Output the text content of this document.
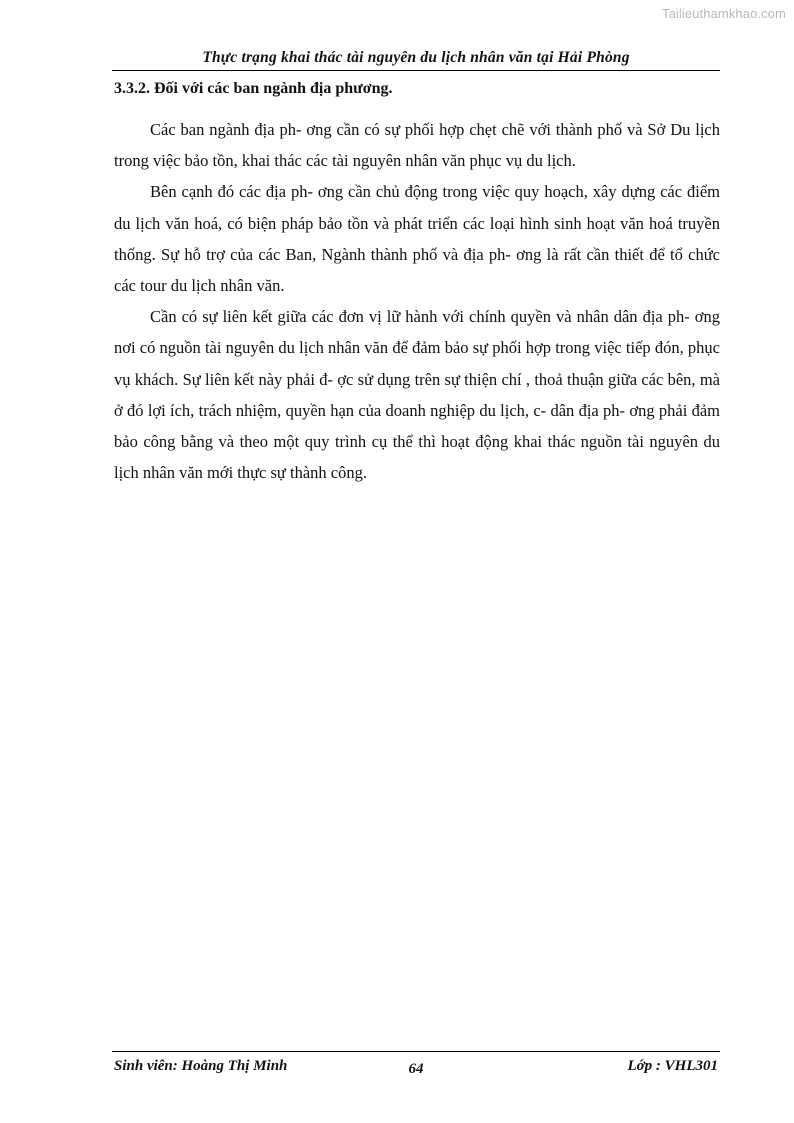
Tailieuthamkhao.com
Thực trạng khai thác tài nguyên du lịch nhân văn tại Hải Phòng
3.3.2. Đối với các ban ngành địa phương.

Các ban ngành địa ph- ơng cần có sự phối hợp chẹt chẽ với thành phố và Sở Du lịch trong việc bảo tồn, khai thác các tài nguyên nhân văn phục vụ du lịch.

Bên cạnh đó các địa ph- ơng cần chủ động trong việc quy hoạch, xây dựng các điểm du lịch văn hoá, có biện pháp bảo tồn và phát triển các loại hình sinh hoạt văn hoá truyền thống. Sự hỗ trợ của các Ban, Ngành thành phố và địa ph- ơng là rất cần thiết để tổ chức các tour du lịch nhân văn.

Cần có sự liên kết giữa các đơn vị lữ hành với chính quyền và nhân dân địa ph- ơng nơi có nguồn tài nguyên du lịch nhân văn để đảm bảo sự phối hợp trong việc tiếp đón, phục vụ khách. Sự liên kết này phải đ- ợc sử dụng trên sự thiện chí , thoả thuận giữa các bên, mà ở đó lợi ích, trách nhiệm, quyền hạn của doanh nghiệp du lịch, c- dân địa ph- ơng phải đảm bảo công bằng và theo một quy trình cụ thể thì hoạt động khai thác nguồn tài nguyên du lịch nhân văn mới thực sự thành công.

Sinh viên: Hoàng Thị Minh	64	Lớp : VHL301
